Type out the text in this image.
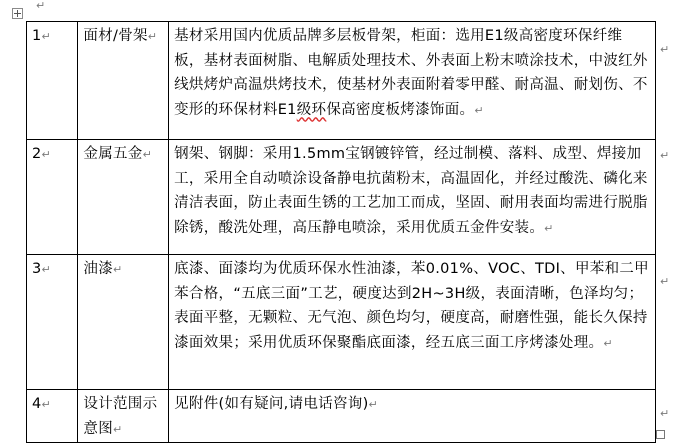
↵
1↵	面材/骨架↵	基材采用国内优质品牌多层板骨架，柜面：选用E1级高密度环保纤维板，基材表面树脂、电解质处理技术、外表面上粉末喷涂技术，中波红外线烘烤炉高温烘烤技术，使基材外表面附着零甲醛、耐高温、耐划伤、不变形的环保材料E1级环保高密度板烤漆饰面。↵
2↵	金属五金↵	钢架、钢脚：采用1.5mm宝钢镀锌管，经过制模、落料、成型、焊接加工，采用全自动喷涂设备静电抗菌粉末，高温固化，并经过酸洗、磷化来清洁表面，防止表面生锈的工艺加工而成，坚固、耐用表面均需进行脱脂除锈，酸洗处理，高压静电喷涂，采用优质五金件安装。↵
3↵	油漆↵	底漆、面漆均为优质环保水性油漆，苯0.01%、VOC、TDI、甲苯和二甲苯合格，“五底三面”工艺，硬度达到2H~3H级，表面清晰，色泽均匀；表面平整，无颗粒、无气泡、颜色均匀，硬度高，耐磨性强，能长久保持漆面效果；采用优质环保聚酯底面漆，经五底三面工序烤漆处理。↵
4↵	设计范围示意图↵	见附件(如有疑问,请电话咨询)↵
↵
↵
↵
↵
